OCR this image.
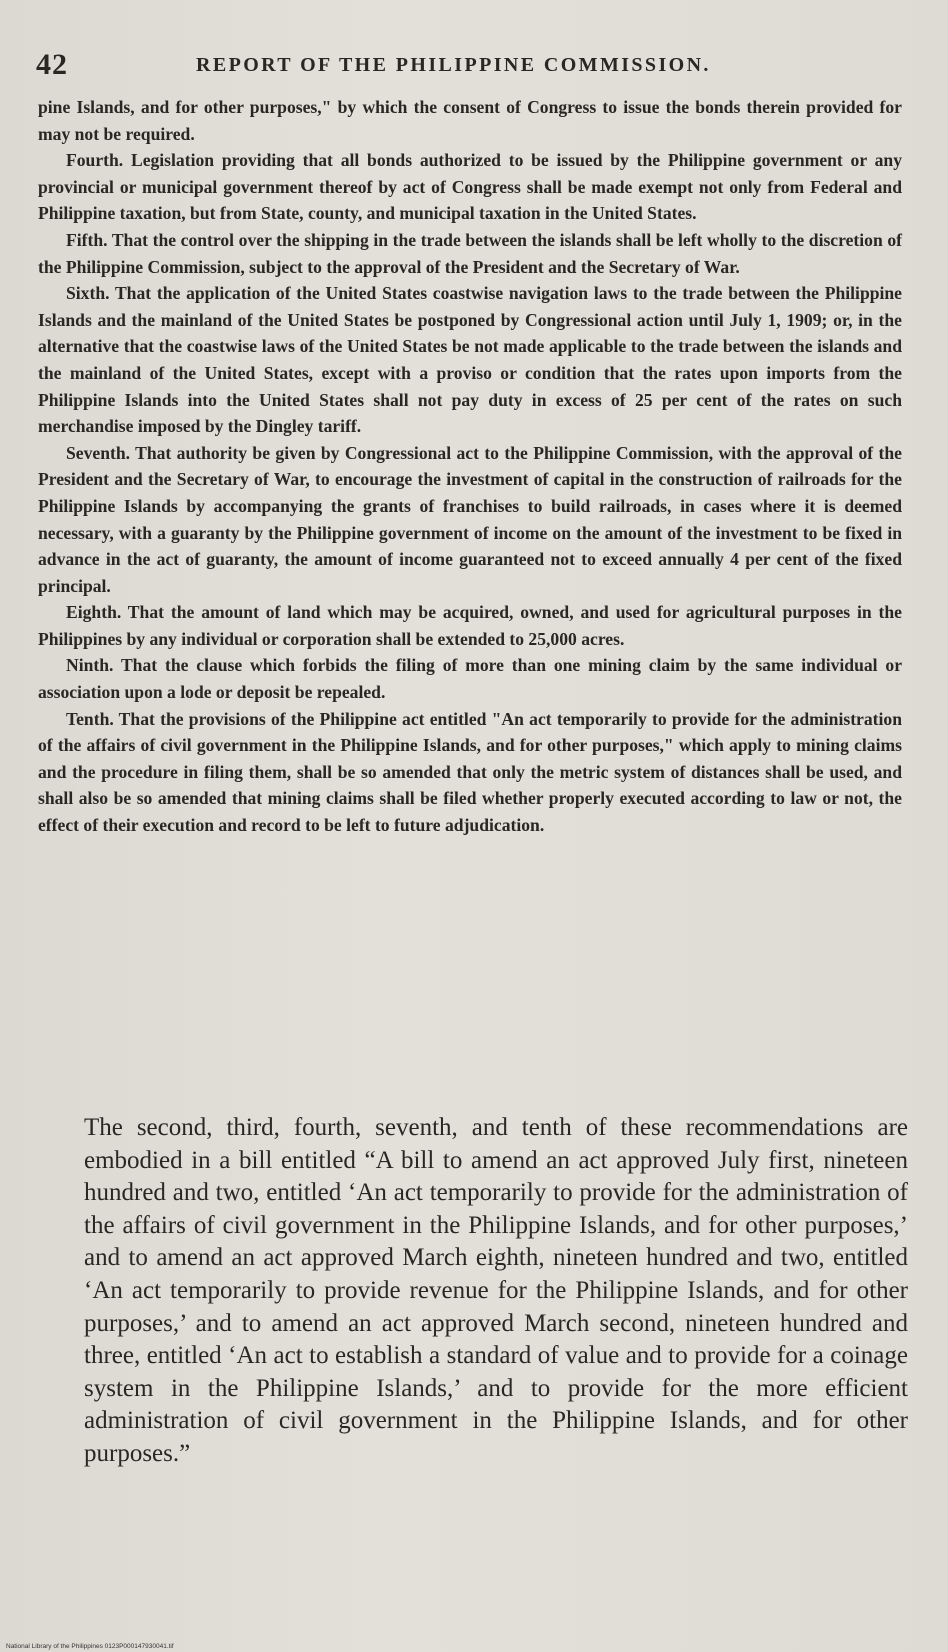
42	REPORT OF THE PHILIPPINE COMMISSION.

pine Islands, and for other purposes," by which the consent of Congress to issue the bonds therein provided for may not be required.

Fourth. Legislation providing that all bonds authorized to be issued by the Philippine government or any provincial or municipal government thereof by act of Congress shall be made exempt not only from Federal and Philippine taxation, but from State, county, and municipal taxation in the United States.

Fifth. That the control over the shipping in the trade between the islands shall be left wholly to the discretion of the Philippine Commission, subject to the approval of the President and the Secretary of War.

Sixth. That the application of the United States coastwise navigation laws to the trade between the Philippine Islands and the mainland of the United States be postponed by Congressional action until July 1, 1909; or, in the alternative that the coastwise laws of the United States be not made applicable to the trade between the islands and the mainland of the United States, except with a proviso or condition that the rates upon imports from the Philippine Islands into the United States shall not pay duty in excess of 25 per cent of the rates on such merchandise imposed by the Dingley tariff.

Seventh. That authority be given by Congressional act to the Philippine Commission, with the approval of the President and the Secretary of War, to encourage the investment of capital in the construction of railroads for the Philippine Islands by accompanying the grants of franchises to build railroads, in cases where it is deemed necessary, with a guaranty by the Philippine government of income on the amount of the investment to be fixed in advance in the act of guaranty, the amount of income guaranteed not to exceed annually 4 per cent of the fixed principal.

Eighth. That the amount of land which may be acquired, owned, and used for agricultural purposes in the Philippines by any individual or corporation shall be extended to 25,000 acres.

Ninth. That the clause which forbids the filing of more than one mining claim by the same individual or association upon a lode or deposit be repealed.

Tenth. That the provisions of the Philippine act entitled "An act temporarily to provide for the administration of the affairs of civil government in the Philippine Islands, and for other purposes," which apply to mining claims and the procedure in filing them, shall be so amended that only the metric system of distances shall be used, and shall also be so amended that mining claims shall be filed whether properly executed according to law or not, the effect of their execution and record to be left to future adjudication.

The second, third, fourth, seventh, and tenth of these recommendations are embodied in a bill entitled “A bill to amend an act approved July first, nineteen hundred and two, entitled ‘An act temporarily to provide for the administration of the affairs of civil government in the Philippine Islands, and for other purposes,’ and to amend an act approved March eighth, nineteen hundred and two, entitled ‘An act temporarily to provide revenue for the Philippine Islands, and for other purposes,’ and to amend an act approved March second, nineteen hundred and three, entitled ‘An act to establish a standard of value and to provide for a coinage system in the Philippine Islands,’ and to provide for the more efficient administration of civil government in the Philippine Islands, and for other purposes.”

National Library of the Philippines 0123P000147930041.tif
